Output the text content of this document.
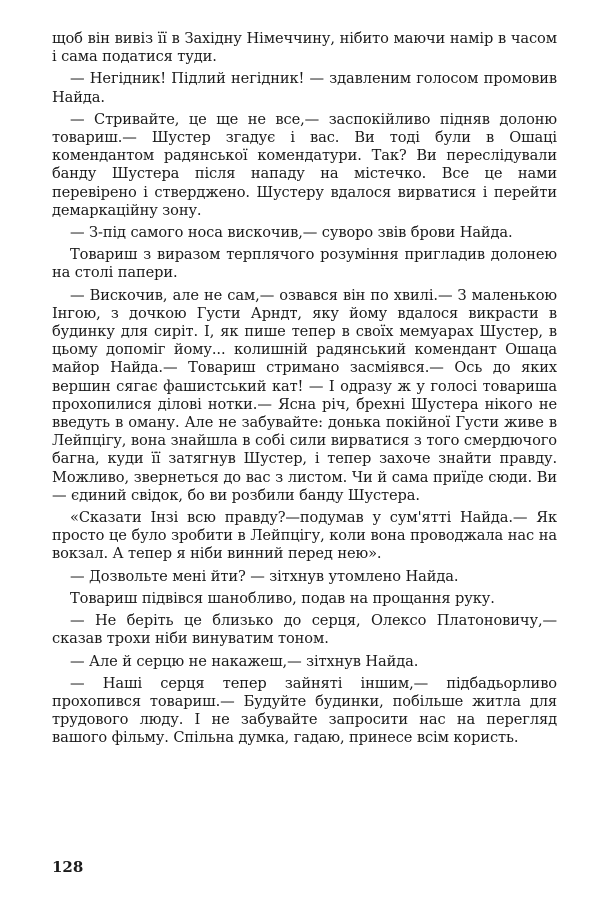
щоб він вивіз її в Західну Німеччину, нібито маючи намір в часом і сама податися туди.

— Негідник! Підлий негідник! — здавленим голосом промовив Найда.

— Стривайте, це ще не все,— заспокійливо підняв долоню товариш.— Шустер згадує і вас. Ви тоді були в Ошаці комендантом радянської комендатури. Так? Ви переслідували банду Шустера після нападу на містечко. Все це нами перевірено і стверджено. Шустеру вдалося вирватися і перейти демаркаційну зону.

— З-під самого носа вискочив,— суворо звів брови Найда.

Товариш з виразом терплячого розуміння пригладив долонею на столі папери.

— Вискочив, але не сам,— озвався він по хвилі.— З маленькою Інгою, з дочкою Густи Арндт, яку йому вдалося викрасти в будинку для сиріт. І, як пише тепер в своїх мемуарах Шустер, в цьому допоміг йому... колишній радянський комендант Ошаца майор Найда.— Товариш стримано засміявся.— Ось до яких вершин сягає фашистський кат! — І одразу ж у голосі товариша прохопилися ділові нотки.— Ясна річ, брехні Шустера нікого не введуть в оману. Але не забувайте: донька покійної Густи живе в Лейпцігу, вона знайшла в собі сили вирватися з того смердючого багна, куди її затягнув Шустер, і тепер захоче знайти правду. Можливо, звернеться до вас з листом. Чи й сама приїде сюди. Ви — єдиний свідок, бо ви розбили банду Шустера.

«Сказати Інзі всю правду?—подумав у сум'ятті Найда.— Як просто це було зробити в Лейпцігу, коли вона проводжала нас на вокзал. А тепер я ніби винний перед нею».

— Дозвольте мені йти? — зітхнув утомлено Найда.

Товариш підвівся шанобливо, подав на прощання руку.

— Не беріть це близько до серця, Олексо Платоновичу,— сказав трохи ніби винуватим тоном.

— Але й серцю не накажеш,— зітхнув Найда.

— Наші серця тепер зайняті іншим,— підбадьорливо прохопився товариш.— Будуйте будинки, побільше житла для трудового люду. І не забувайте запросити нас на перегляд вашого фільму. Спільна думка, гадаю, принесе всім користь.

128
